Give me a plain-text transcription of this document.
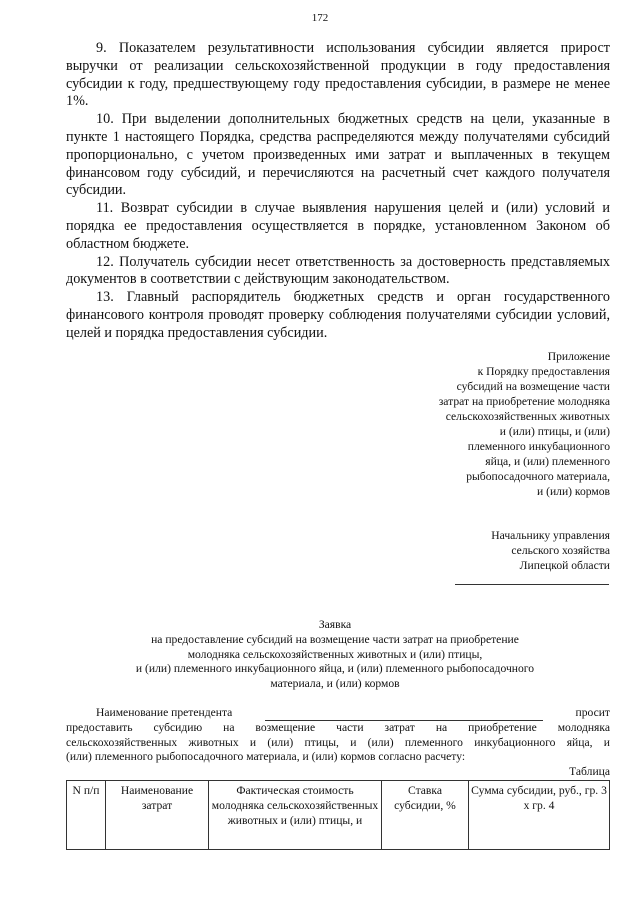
172

9. Показателем результативности использования субсидии является прирост выручки от реализации сельскохозяйственной продукции в году предоставления субсидии к году, предшествующему году предоставления субсидии, в размере не менее 1%.

10. При выделении дополнительных бюджетных средств на цели, указанные в пункте 1 настоящего Порядка, средства распределяются между получателями субсидий пропорционально, с учетом произведенных ими затрат и выплаченных в текущем финансовом году субсидий, и перечисляются на расчетный счет каждого получателя субсидии.

11. Возврат субсидии в случае выявления нарушения целей и (или) условий и порядка ее предоставления осуществляется в порядке, установленном Законом об областном бюджете.

12. Получатель субсидии несет ответственность за достоверность представляемых документов в соответствии с действующим законодательством.

13. Главный распорядитель бюджетных средств и орган государственного финансового контроля проводят проверку соблюдения получателями субсидии условий, целей и порядка предоставления субсидии.

Приложение
к Порядку предоставления
субсидий на возмещение части
затрат на приобретение молодняка
сельскохозяйственных животных
и (или) птицы, и (или)
племенного инкубационного
яйца, и (или) племенного
рыбопосадочного материала,
и (или) кормов
Начальнику управления
сельского хозяйства
Липецкой области
Заявка
на предоставление субсидий на возмещение части затрат на приобретение
молодняка сельскохозяйственных животных и (или) птицы,
и (или) племенного инкубационного яйца, и (или) племенного рыбопосадочного
материала, и (или) кормов
Наименование претендента	просит
предоставить субсидию на возмещение части затрат на приобретение молодняка
сельскохозяйственных животных и (или) птицы, и (или) племенного инкубационного яйца, и
(или) племенного рыбопосадочного материала, и (или) кормов согласно расчету:
Таблица
N п/п	Наименование затрат	Фактическая стоимость молодняка сельскохозяйственных животных и (или) птицы, и	Ставка субсидии, %	Сумма субсидии, руб., гр. 3 x гр. 4
